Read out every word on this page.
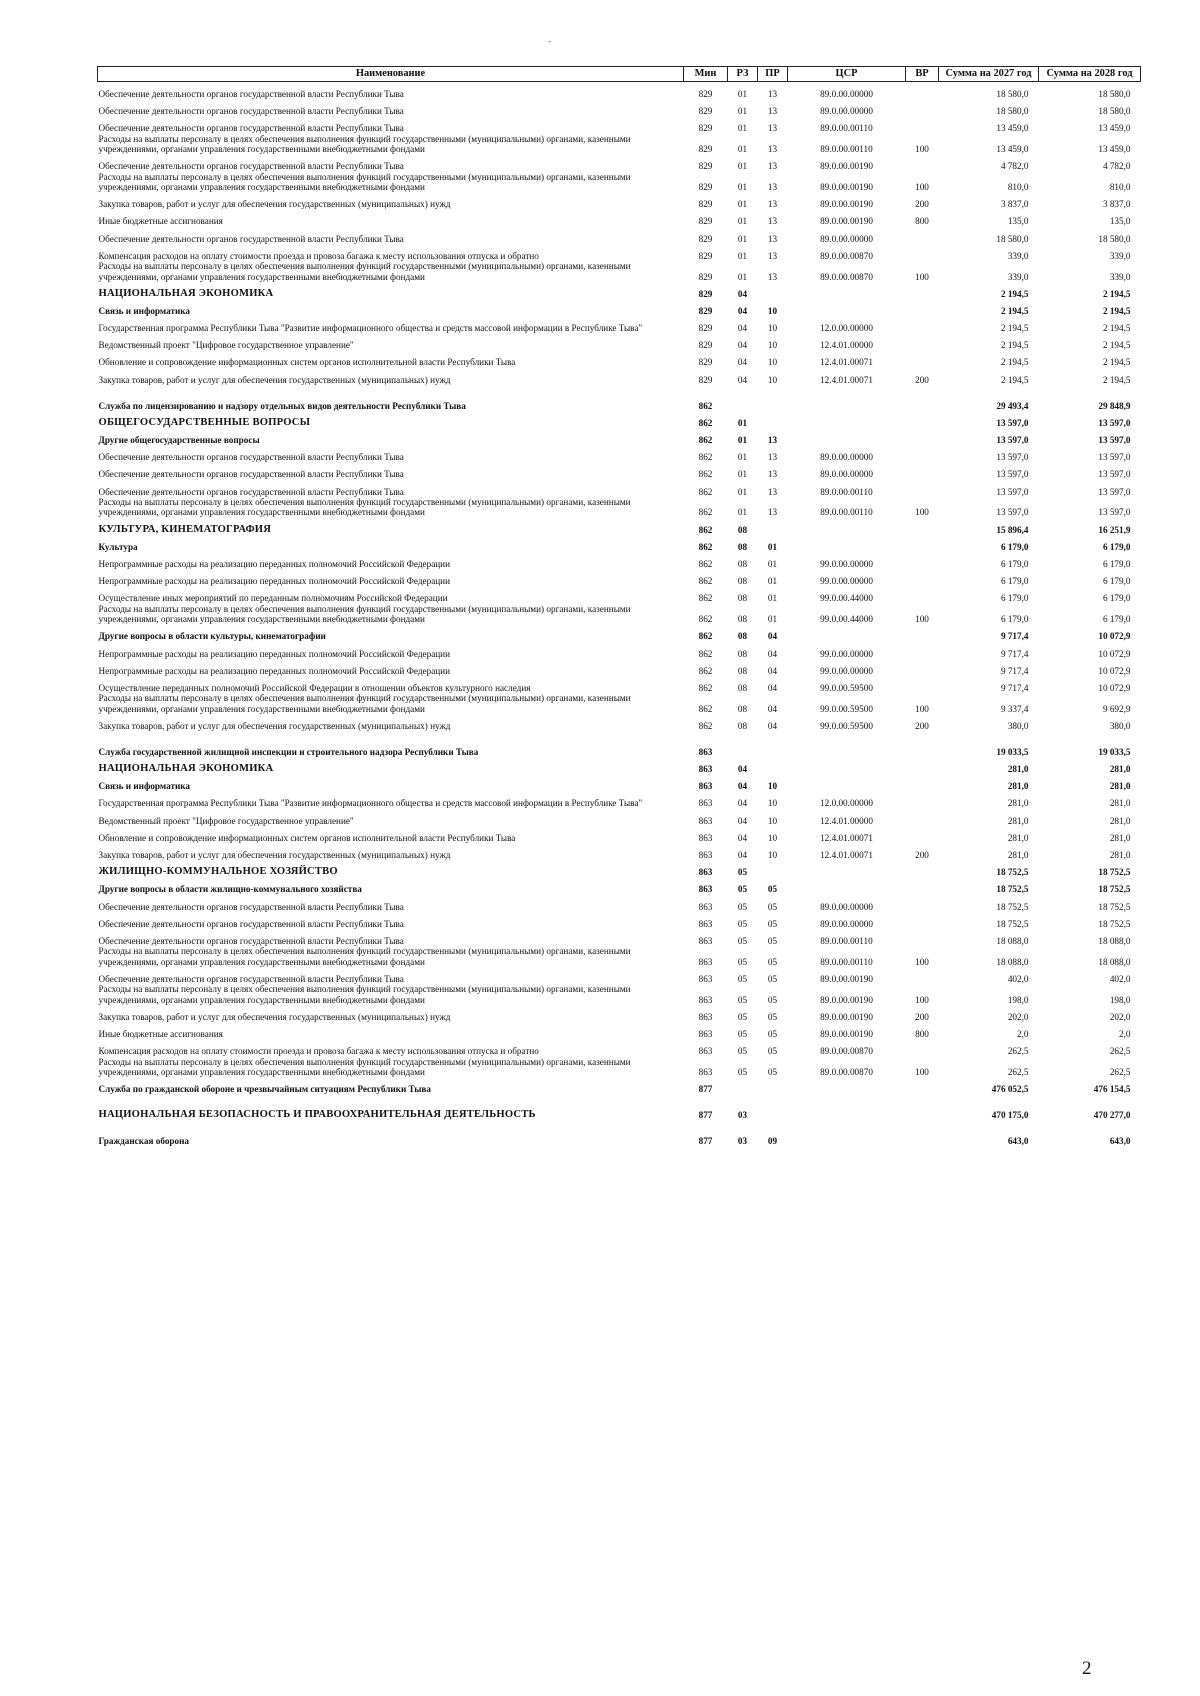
-
Наименование	Мин	РЗ	ПР	ЦСР	ВР	Сумма на 2027 год	Сумма на 2028 год
Обеспечение деятельности органов государственной власти Республики Тыва	829	01	13	89.0.00.00000		18 580,0	18 580,0
Обеспечение деятельности органов государственной власти Республики Тыва	829	01	13	89.0.00.00000		18 580,0	18 580,0
Обеспечение деятельности органов государственной власти Республики Тыва	829	01	13	89.0.00.00110		13 459,0	13 459,0
Расходы на выплаты персоналу в целях обеспечения выполнения функций государственными (муниципальными) органами, казенными учреждениями, органами управления государственными внебюджетными фондами	829	01	13	89.0.00.00110	100	13 459,0	13 459,0
Обеспечение деятельности органов государственной власти Республики Тыва	829	01	13	89.0.00.00190		4 782,0	4 782,0
Расходы на выплаты персоналу в целях обеспечения выполнения функций государственными (муниципальными) органами, казенными учреждениями, органами управления государственными внебюджетными фондами	829	01	13	89.0.00.00190	100	810,0	810,0
Закупка товаров, работ и услуг для обеспечения государственных (муниципальных) нужд	829	01	13	89.0.00.00190	200	3 837,0	3 837,0
Иные бюджетные ассигнования	829	01	13	89.0.00.00190	800	135,0	135,0
Обеспечение деятельности органов государственной власти Республики Тыва	829	01	13	89.0.00.00000		18 580,0	18 580,0
Компенсация расходов на оплату стоимости проезда и провоза багажа к месту использования отпуска и обратно	829	01	13	89.0.00.00870		339,0	339,0
Расходы на выплаты персоналу в целях обеспечения выполнения функций государственными (муниципальными) органами, казенными учреждениями, органами управления государственными внебюджетными фондами	829	01	13	89.0.00.00870	100	339,0	339,0
НАЦИОНАЛЬНАЯ ЭКОНОМИКА	829	04				2 194,5	2 194,5
Связь и информатика	829	04	10			2 194,5	2 194,5
Государственная программа Республики Тыва "Развитие информационного общества и средств массовой информации в Республике Тыва"	829	04	10	12.0.00.00000		2 194,5	2 194,5
Ведомственный проект "Цифровое государственное управление"	829	04	10	12.4.01.00000		2 194,5	2 194,5
Обновление и сопровождение информационных систем органов исполнительной власти Республики Тыва	829	04	10	12.4.01.00071		2 194,5	2 194,5
Закупка товаров, работ и услуг для обеспечения государственных (муниципальных) нужд	829	04	10	12.4.01.00071	200	2 194,5	2 194,5
Служба по лицензированию и надзору отдельных видов деятельности Республики Тыва	862					29 493,4	29 848,9
ОБЩЕГОСУДАРСТВЕННЫЕ ВОПРОСЫ	862	01				13 597,0	13 597,0
Другие общегосударственные вопросы	862	01	13			13 597,0	13 597,0
Обеспечение деятельности органов государственной власти Республики Тыва	862	01	13	89.0.00.00000		13 597,0	13 597,0
Обеспечение деятельности органов государственной власти Республики Тыва	862	01	13	89.0.00.00000		13 597,0	13 597,0
Обеспечение деятельности органов государственной власти Республики Тыва	862	01	13	89.0.00.00110		13 597,0	13 597,0
Расходы на выплаты персоналу в целях обеспечения выполнения функций государственными (муниципальными) органами, казенными учреждениями, органами управления государственными внебюджетными фондами	862	01	13	89.0.00.00110	100	13 597,0	13 597,0
КУЛЬТУРА, КИНЕМАТОГРАФИЯ	862	08				15 896,4	16 251,9
Культура	862	08	01			6 179,0	6 179,0
Непрограммные расходы на реализацию переданных полномочий Российской Федерации	862	08	01	99.0.00.00000		6 179,0	6 179,0
Непрограммные расходы на реализацию переданных полномочий Российской Федерации	862	08	01	99.0.00.00000		6 179,0	6 179,0
Осуществление иных мероприятий по переданным полномочиям Российской Федерации	862	08	01	99.0.00.44000		6 179,0	6 179,0
Расходы на выплаты персоналу в целях обеспечения выполнения функций государственными (муниципальными) органами, казенными учреждениями, органами управления государственными внебюджетными фондами	862	08	01	99.0.00.44000	100	6 179,0	6 179,0
Другие вопросы в области культуры, кинематографии	862	08	04			9 717,4	10 072,9
Непрограммные расходы на реализацию переданных полномочий Российской Федерации	862	08	04	99.0.00.00000		9 717,4	10 072,9
Непрограммные расходы на реализацию переданных полномочий Российской Федерации	862	08	04	99.0.00.00000		9 717,4	10 072,9
Осуществление переданных полномочий Российской Федерации в отношении объектов культурного наследия	862	08	04	99.0.00.59500		9 717,4	10 072,9
Расходы на выплаты персоналу в целях обеспечения выполнения функций государственными (муниципальными) органами, казенными учреждениями, органами управления государственными внебюджетными фондами	862	08	04	99.0.00.59500	100	9 337,4	9 692,9
Закупка товаров, работ и услуг для обеспечения государственных (муниципальных) нужд	862	08	04	99.0.00.59500	200	380,0	380,0
Служба государственной жилищной инспекции и строительного надзора Республики Тыва	863					19 033,5	19 033,5
НАЦИОНАЛЬНАЯ ЭКОНОМИКА	863	04				281,0	281,0
Связь и информатика	863	04	10			281,0	281,0
Государственная программа Республики Тыва "Развитие информационного общества и средств массовой информации в Республике Тыва"	863	04	10	12.0.00.00000		281,0	281,0
Ведомственный проект "Цифровое государственное управление"	863	04	10	12.4.01.00000		281,0	281,0
Обновление и сопровождение информационных систем органов исполнительной власти Республики Тыва	863	04	10	12.4.01.00071		281,0	281,0
Закупка товаров, работ и услуг для обеспечения государственных (муниципальных) нужд	863	04	10	12.4.01.00071	200	281,0	281,0
ЖИЛИЩНО-КОММУНАЛЬНОЕ ХОЗЯЙСТВО	863	05				18 752,5	18 752,5
Другие вопросы в области жилищно-коммунального хозяйства	863	05	05			18 752,5	18 752,5
Обеспечение деятельности органов государственной власти Республики Тыва	863	05	05	89.0.00.00000		18 752,5	18 752,5
Обеспечение деятельности органов государственной власти Республики Тыва	863	05	05	89.0.00.00000		18 752,5	18 752,5
Обеспечение деятельности органов государственной власти Республики Тыва	863	05	05	89.0.00.00110		18 088,0	18 088,0
Расходы на выплаты персоналу в целях обеспечения выполнения функций государственными (муниципальными) органами, казенными учреждениями, органами управления государственными внебюджетными фондами	863	05	05	89.0.00.00110	100	18 088,0	18 088,0
Обеспечение деятельности органов государственной власти Республики Тыва	863	05	05	89.0.00.00190		402,0	402,0
Расходы на выплаты персоналу в целях обеспечения выполнения функций государственными (муниципальными) органами, казенными учреждениями, органами управления государственными внебюджетными фондами	863	05	05	89.0.00.00190	100	198,0	198,0
Закупка товаров, работ и услуг для обеспечения государственных (муниципальных) нужд	863	05	05	89.0.00.00190	200	202,0	202,0
Иные бюджетные ассигнования	863	05	05	89.0.00.00190	800	2,0	2,0
Компенсация расходов на оплату стоимости проезда и провоза багажа к месту использования отпуска и обратно	863	05	05	89.0.00.00870		262,5	262,5
Расходы на выплаты персоналу в целях обеспечения выполнения функций государственными (муниципальными) органами, казенными учреждениями, органами управления государственными внебюджетными фондами	863	05	05	89.0.00.00870	100	262,5	262,5
Служба по гражданской обороне и чрезвычайным ситуациям Республики Тыва	877					476 052,5	476 154,5
НАЦИОНАЛЬНАЯ БЕЗОПАСНОСТЬ И ПРАВООХРАНИТЕЛЬНАЯ ДЕЯТЕЛЬНОСТЬ	877	03				470 175,0	470 277,0
Гражданская оборона	877	03	09			643,0	643,0
2
